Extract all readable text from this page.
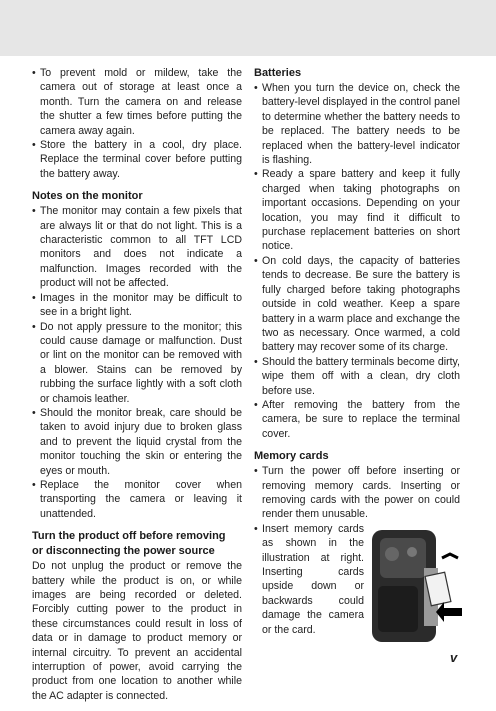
• To prevent mold or mildew, take the camera out of storage at least once a month. Turn the camera on and release the shutter a few times before putting the camera away again.
• Store the battery in a cool, dry place. Replace the terminal cover before putting the battery away.
Notes on the monitor
• The monitor may contain a few pixels that are always lit or that do not light. This is a characteristic common to all TFT LCD monitors and does not indicate a malfunction. Images recorded with the product will not be affected.
• Images in the monitor may be difficult to see in a bright light.
• Do not apply pressure to the monitor; this could cause damage or malfunction. Dust or lint on the monitor can be removed with a blower. Stains can be removed by rubbing the surface lightly with a soft cloth or chamois leather.
• Should the monitor break, care should be taken to avoid injury due to broken glass and to prevent the liquid crystal from the monitor touching the skin or entering the eyes or mouth.
• Replace the monitor cover when transporting the camera or leaving it unattended.
Turn the product off before removing
or disconnecting the power source

Do not unplug the product or remove the battery while the product is on, or while images are being recorded or deleted. Forcibly cutting power to the product in these circumstances could result in loss of data or in damage to product memory or internal circuitry. To prevent an accidental interruption of power, avoid carrying the product from one location to another while the AC adapter is connected.

Batteries
• When you turn the device on, check the battery-level displayed in the control panel to determine whether the battery needs to be replaced. The battery needs to be replaced when the battery-level indicator is flashing.
• Ready a spare battery and keep it fully charged when taking photographs on important occasions. Depending on your location, you may find it difficult to purchase replacement batteries on short notice.
• On cold days, the capacity of batteries tends to decrease. Be sure the battery is fully charged before taking photographs outside in cold weather. Keep a spare battery in a warm place and exchange the two as necessary. Once warmed, a cold battery may recover some of its charge.
• Should the battery terminals become dirty, wipe them off with a clean, dry cloth before use.
• After removing the battery from the camera, be sure to replace the terminal cover.
Memory cards
• Turn the power off before inserting or removing memory cards. Inserting or removing cards with the power on could render them unusable.
• Insert memory cards as shown in the illustration at right. Inserting cards upside down or backwards could damage the camera or the card.
v
